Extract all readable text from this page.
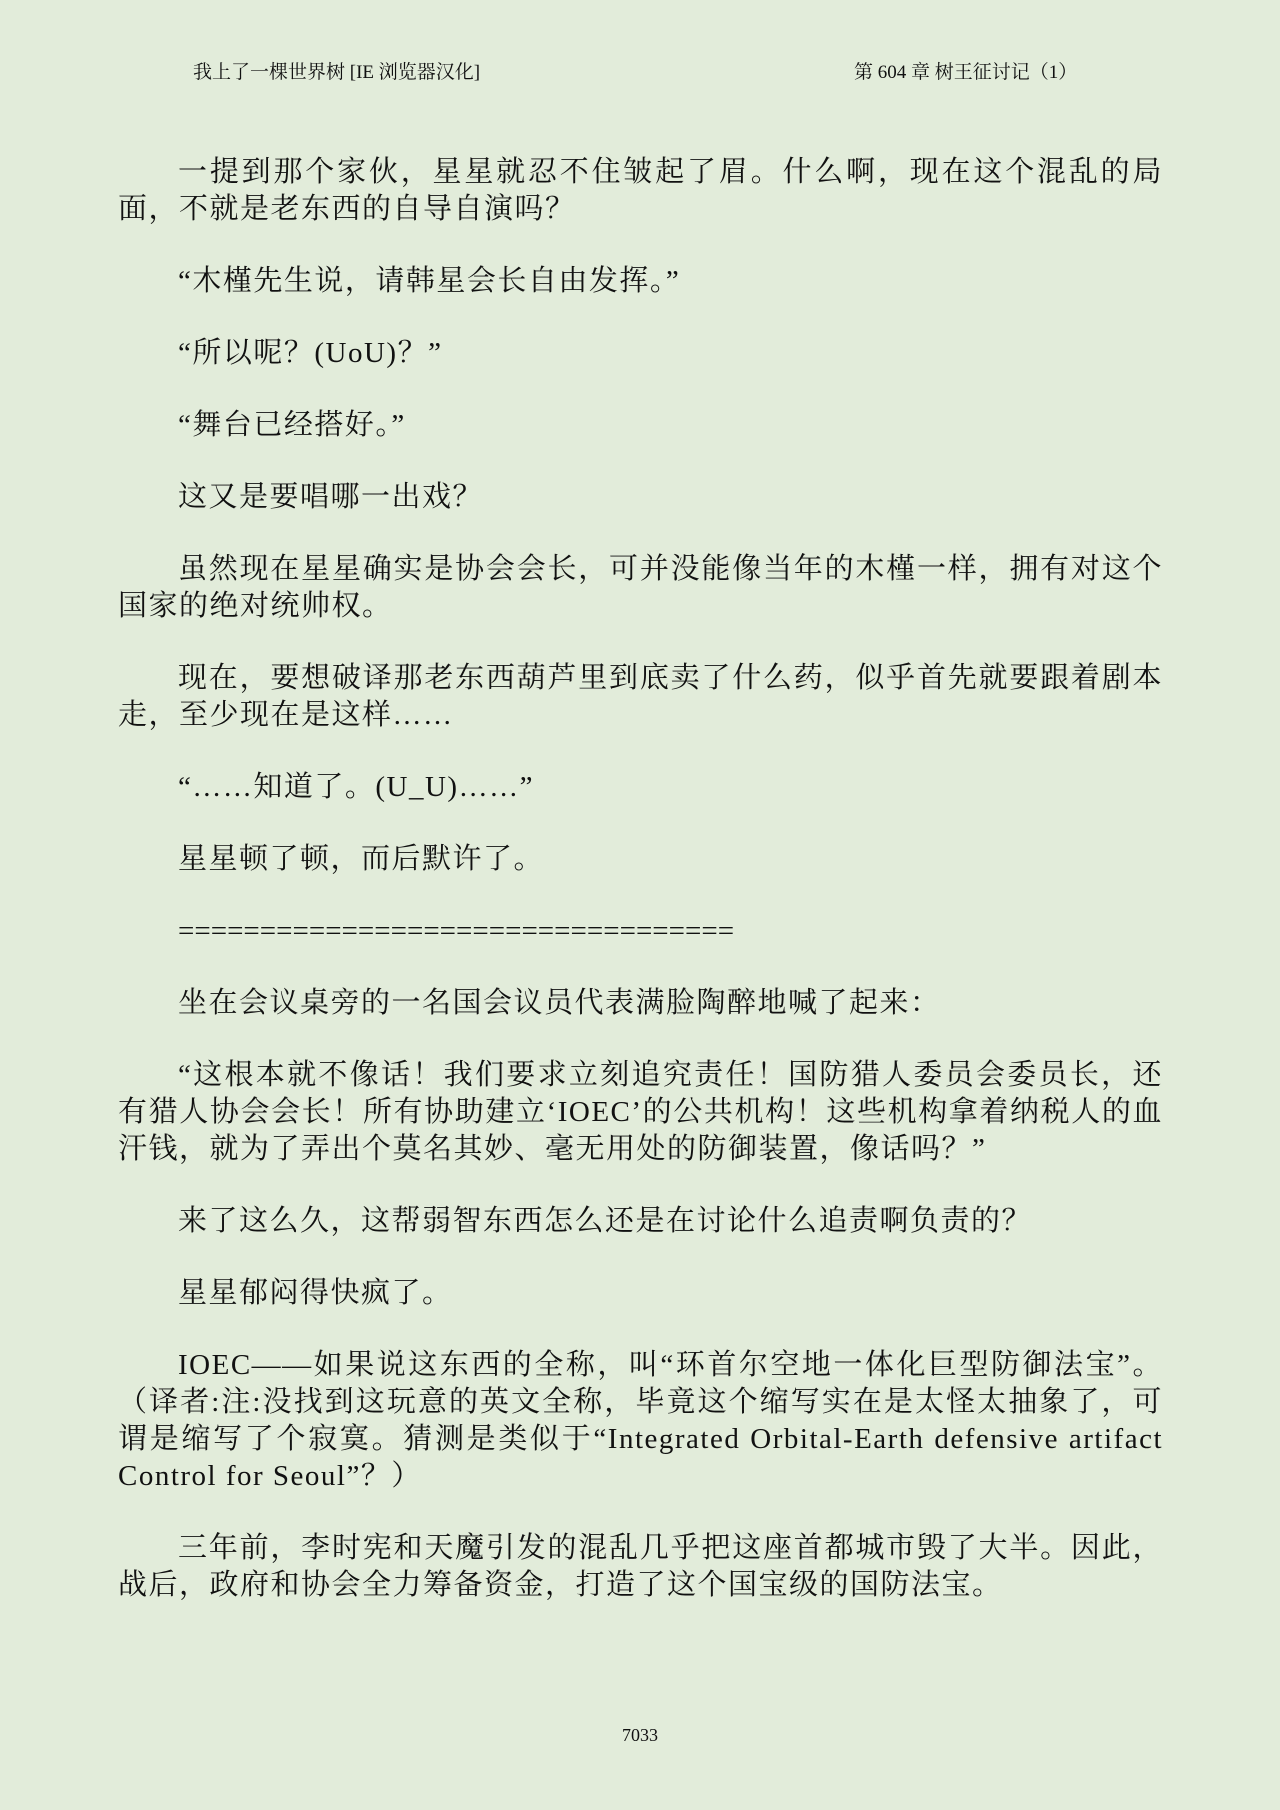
我上了一棵世界树 [IE 浏览器汉化]	第 604 章 树王征讨记（1）

一提到那个家伙，星星就忍不住皱起了眉。什么啊，现在这个混乱的局面，不就是老东西的自导自演吗？

“木槿先生说，请韩星会长自由发挥。”

“所以呢？(UoU)？”

“舞台已经搭好。”

这又是要唱哪一出戏？

虽然现在星星确实是协会会长，可并没能像当年的木槿一样，拥有对这个国家的绝对统帅权。

现在，要想破译那老东西葫芦里到底卖了什么药，似乎首先就要跟着剧本走，至少现在是这样……

“……知道了。(U_U)……”

星星顿了顿，而后默许了。

==================================

坐在会议桌旁的一名国会议员代表满脸陶醉地喊了起来：

“这根本就不像话！我们要求立刻追究责任！国防猎人委员会委员长，还有猎人协会会长！所有协助建立‘IOEC’的公共机构！这些机构拿着纳税人的血汗钱，就为了弄出个莫名其妙、毫无用处的防御装置，像话吗？”

来了这么久，这帮弱智东西怎么还是在讨论什么追责啊负责的？

星星郁闷得快疯了。

IOEC——如果说这东西的全称，叫“环首尔空地一体化巨型防御法宝”。（译者:注:没找到这玩意的英文全称，毕竟这个缩写实在是太怪太抽象了，可谓是缩写了个寂寞。猜测是类似于“Integrated Orbital-Earth defensive artifact Control for Seoul”？）

三年前，李时宪和天魔引发的混乱几乎把这座首都城市毁了大半。因此，战后，政府和协会全力筹备资金，打造了这个国宝级的国防法宝。

7033
